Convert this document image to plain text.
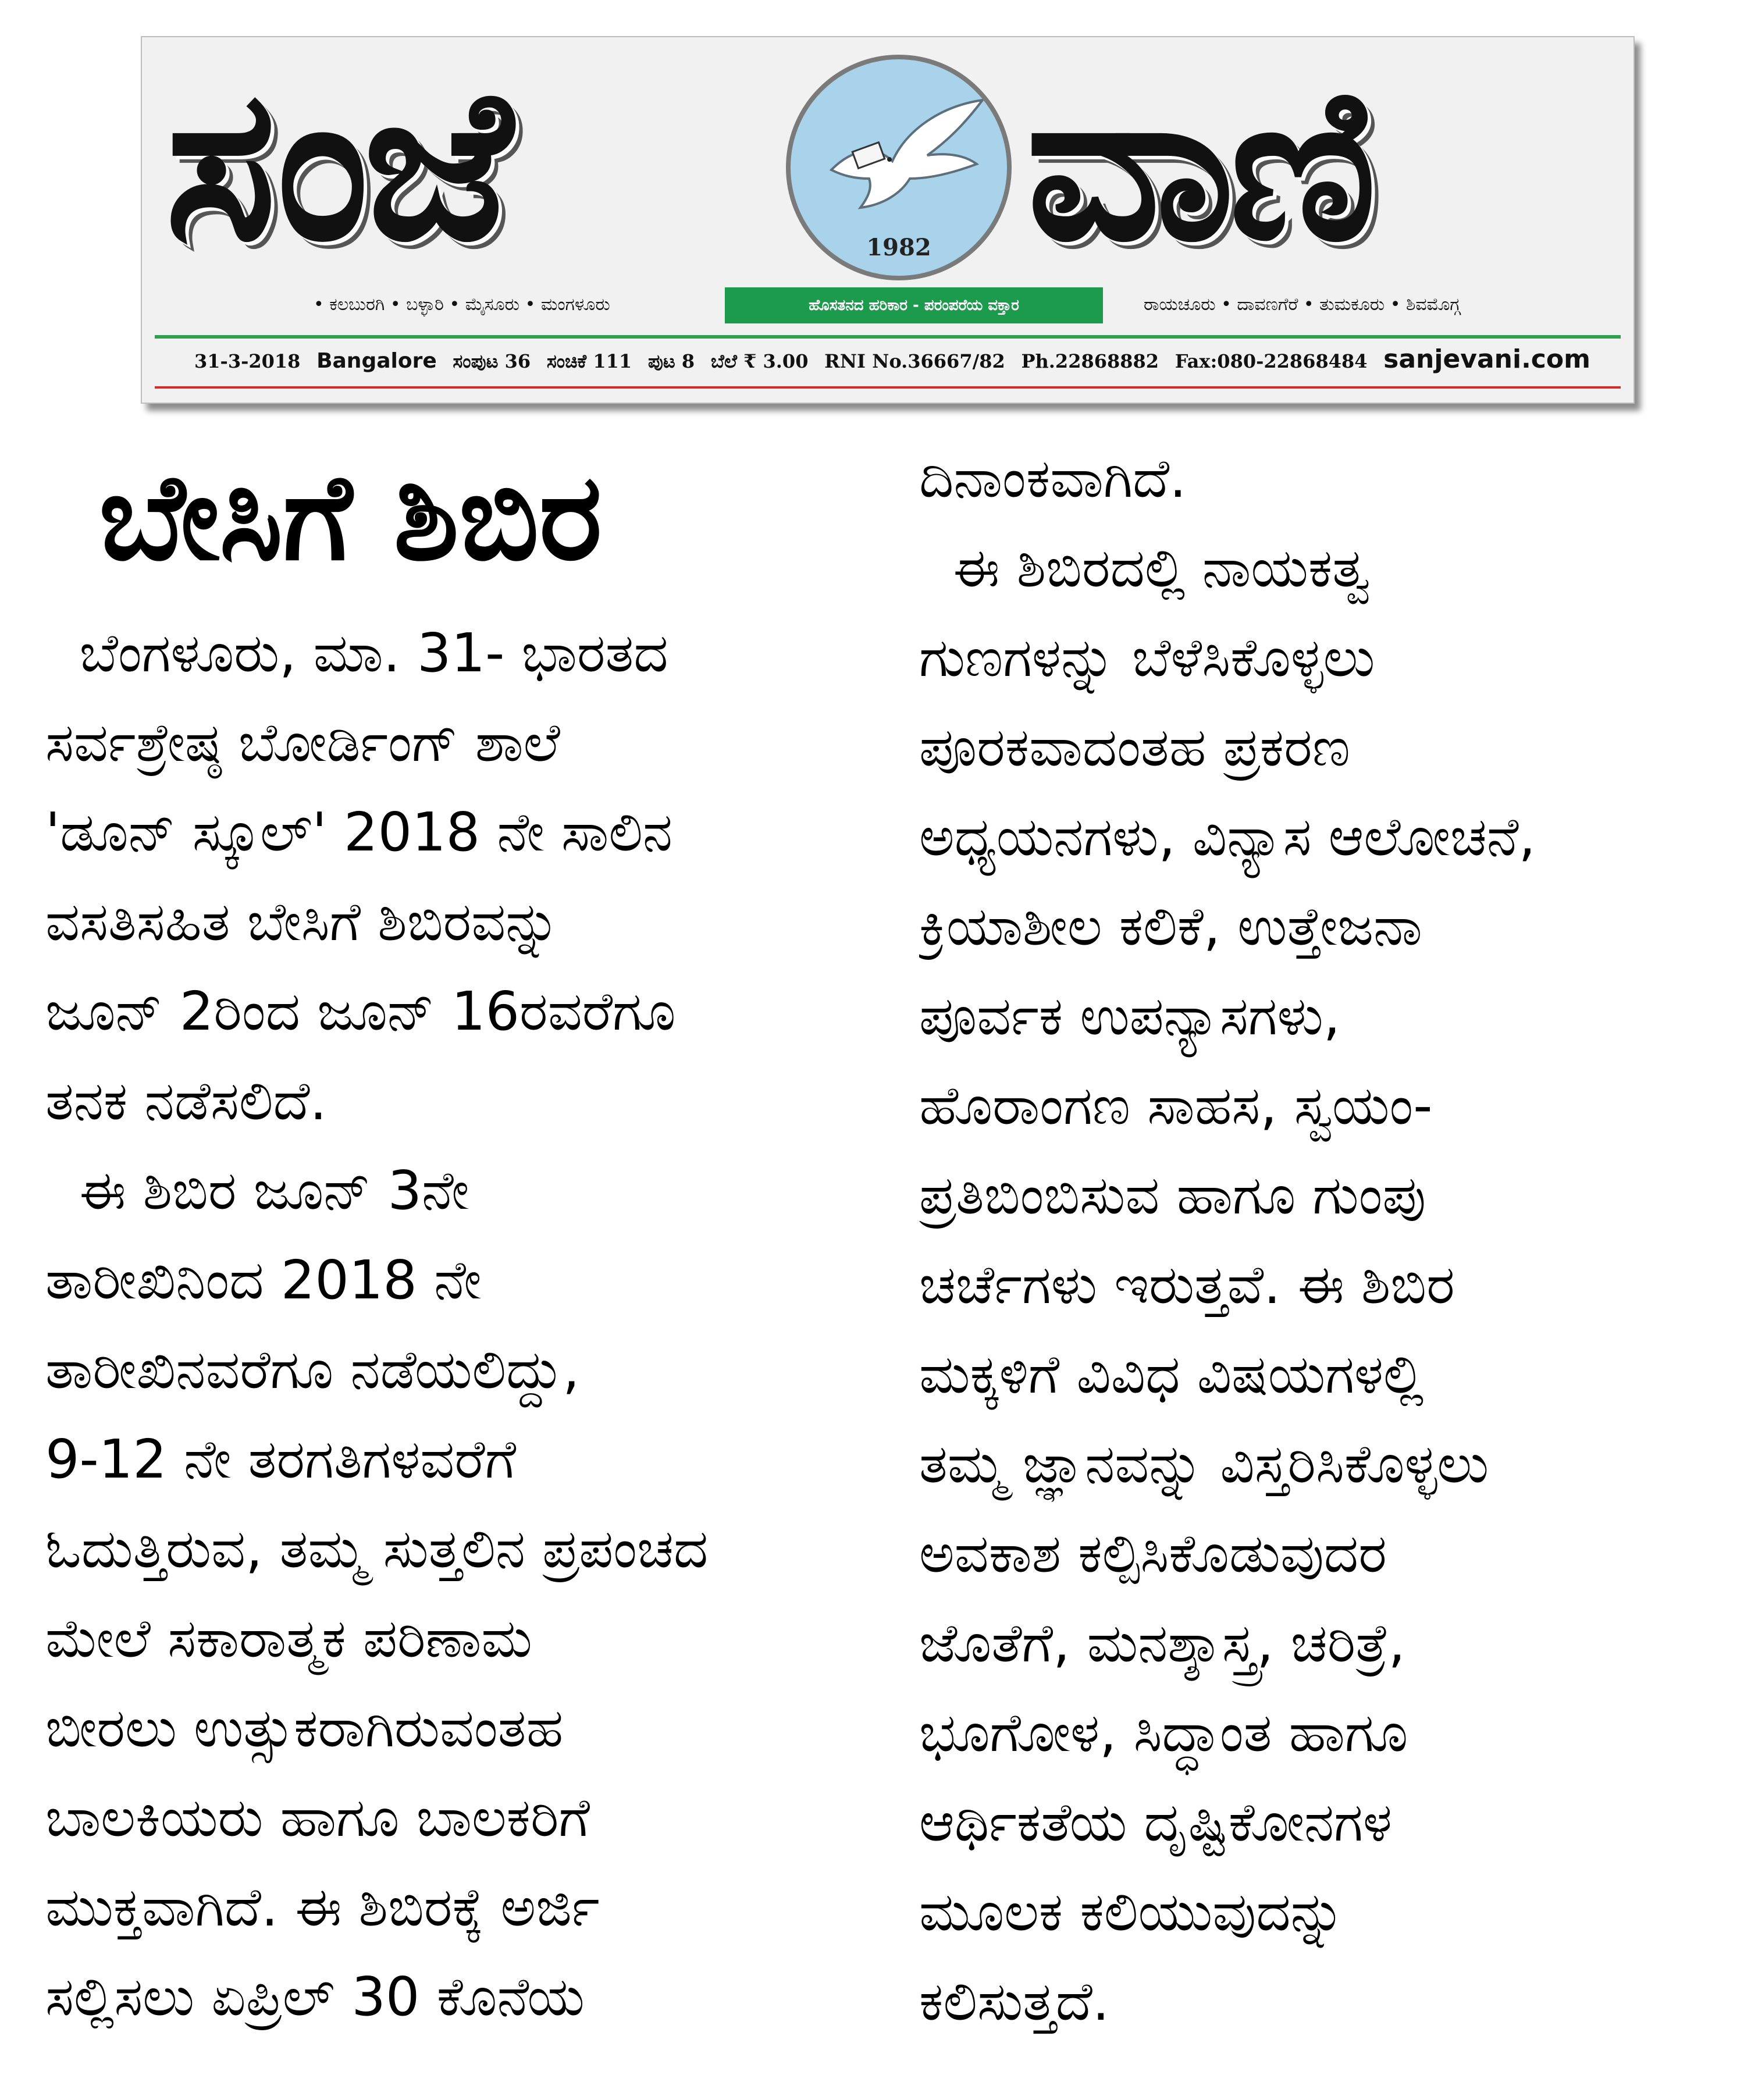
ಸಂಜೆ	1982 ವಾಣಿ
• ಕಲಬುರಗಿ • ಬಳ್ಳಾರಿ • ಮೈಸೂರು • ಮಂಗಳೂರು	ಹೊಸತನದ ಹರಿಕಾರ - ಪರಂಪರೆಯ ವಕ್ತಾರ	ರಾಯಚೂರು • ದಾವಣಗೆರೆ • ತುಮಕೂರು • ಶಿವಮೊಗ್ಗ
31-3-2018 Bangalore ಸಂಪುಟ 36 ಸಂಚಿಕೆ 111 ಪುಟ 8 ಬೆಲೆ ₹ 3.00 RNI No.36667/82 Ph.22868882 Fax:080-22868484 sanjevani.com
ಬೇಸಿಗೆ ಶಿಬಿರ
ಬೆಂಗಳೂರು, ಮಾ. 31- ಭಾರತದ
ಸರ್ವಶ್ರೇಷ್ಠ ಬೋರ್ಡಿಂಗ್ ಶಾಲೆ
'ಡೂನ್ ಸ್ಕೂಲ್' 2018 ನೇ ಸಾಲಿನ
ವಸತಿಸಹಿತ ಬೇಸಿಗೆ ಶಿಬಿರವನ್ನು
ಜೂನ್ 2ರಿಂದ ಜೂನ್ 16ರವರೆಗೂ
ತನಕ ನಡೆಸಲಿದೆ.
ಈ ಶಿಬಿರ ಜೂನ್ 3ನೇ
ತಾರೀಖಿನಿಂದ 2018 ನೇ
ತಾರೀಖಿನವರೆಗೂ ನಡೆಯಲಿದ್ದು,
9-12 ನೇ ತರಗತಿಗಳವರೆಗೆ
ಓದುತ್ತಿರುವ, ತಮ್ಮ ಸುತ್ತಲಿನ ಪ್ರಪಂಚದ
ಮೇಲೆ ಸಕಾರಾತ್ಮಕ ಪರಿಣಾಮ
ಬೀರಲು ಉತ್ಸುಕರಾಗಿರುವಂತಹ
ಬಾಲಕಿಯರು ಹಾಗೂ ಬಾಲಕರಿಗೆ
ಮುಕ್ತವಾಗಿದೆ. ಈ ಶಿಬಿರಕ್ಕೆ ಅರ್ಜಿ
ಸಲ್ಲಿಸಲು ಏಪ್ರಿಲ್ 30 ಕೊನೆಯ
ದಿನಾಂಕವಾಗಿದೆ.
ಈ ಶಿಬಿರದಲ್ಲಿ ನಾಯಕತ್ವ
ಗುಣಗಳನ್ನು ಬೆಳೆಸಿಕೊಳ್ಳಲು
ಪೂರಕವಾದಂತಹ ಪ್ರಕರಣ
ಅಧ್ಯಯನಗಳು, ವಿನ್ಯಾಸ ಆಲೋಚನೆ,
ಕ್ರಿಯಾಶೀಲ ಕಲಿಕೆ, ಉತ್ತೇಜನಾ
ಪೂರ್ವಕ ಉಪನ್ಯಾಸಗಳು,
ಹೊರಾಂಗಣ ಸಾಹಸ, ಸ್ವಯಂ-
ಪ್ರತಿಬಿಂಬಿಸುವ ಹಾಗೂ ಗುಂಪು
ಚರ್ಚೆಗಳು ಇರುತ್ತವೆ. ಈ ಶಿಬಿರ
ಮಕ್ಕಳಿಗೆ ವಿವಿಧ ವಿಷಯಗಳಲ್ಲಿ
ತಮ್ಮ ಜ್ಞಾನವನ್ನು ವಿಸ್ತರಿಸಿಕೊಳ್ಳಲು
ಅವಕಾಶ ಕಲ್ಪಿಸಿಕೊಡುವುದರ
ಜೊತೆಗೆ, ಮನಶ್ಶಾಸ್ತ್ರ, ಚರಿತ್ರೆ,
ಭೂಗೋಳ, ಸಿದ್ಧಾಂತ ಹಾಗೂ
ಆರ್ಥಿಕತೆಯ ದೃಷ್ಟಿಕೋನಗಳ
ಮೂಲಕ ಕಲಿಯುವುದನ್ನು
ಕಲಿಸುತ್ತದೆ.
